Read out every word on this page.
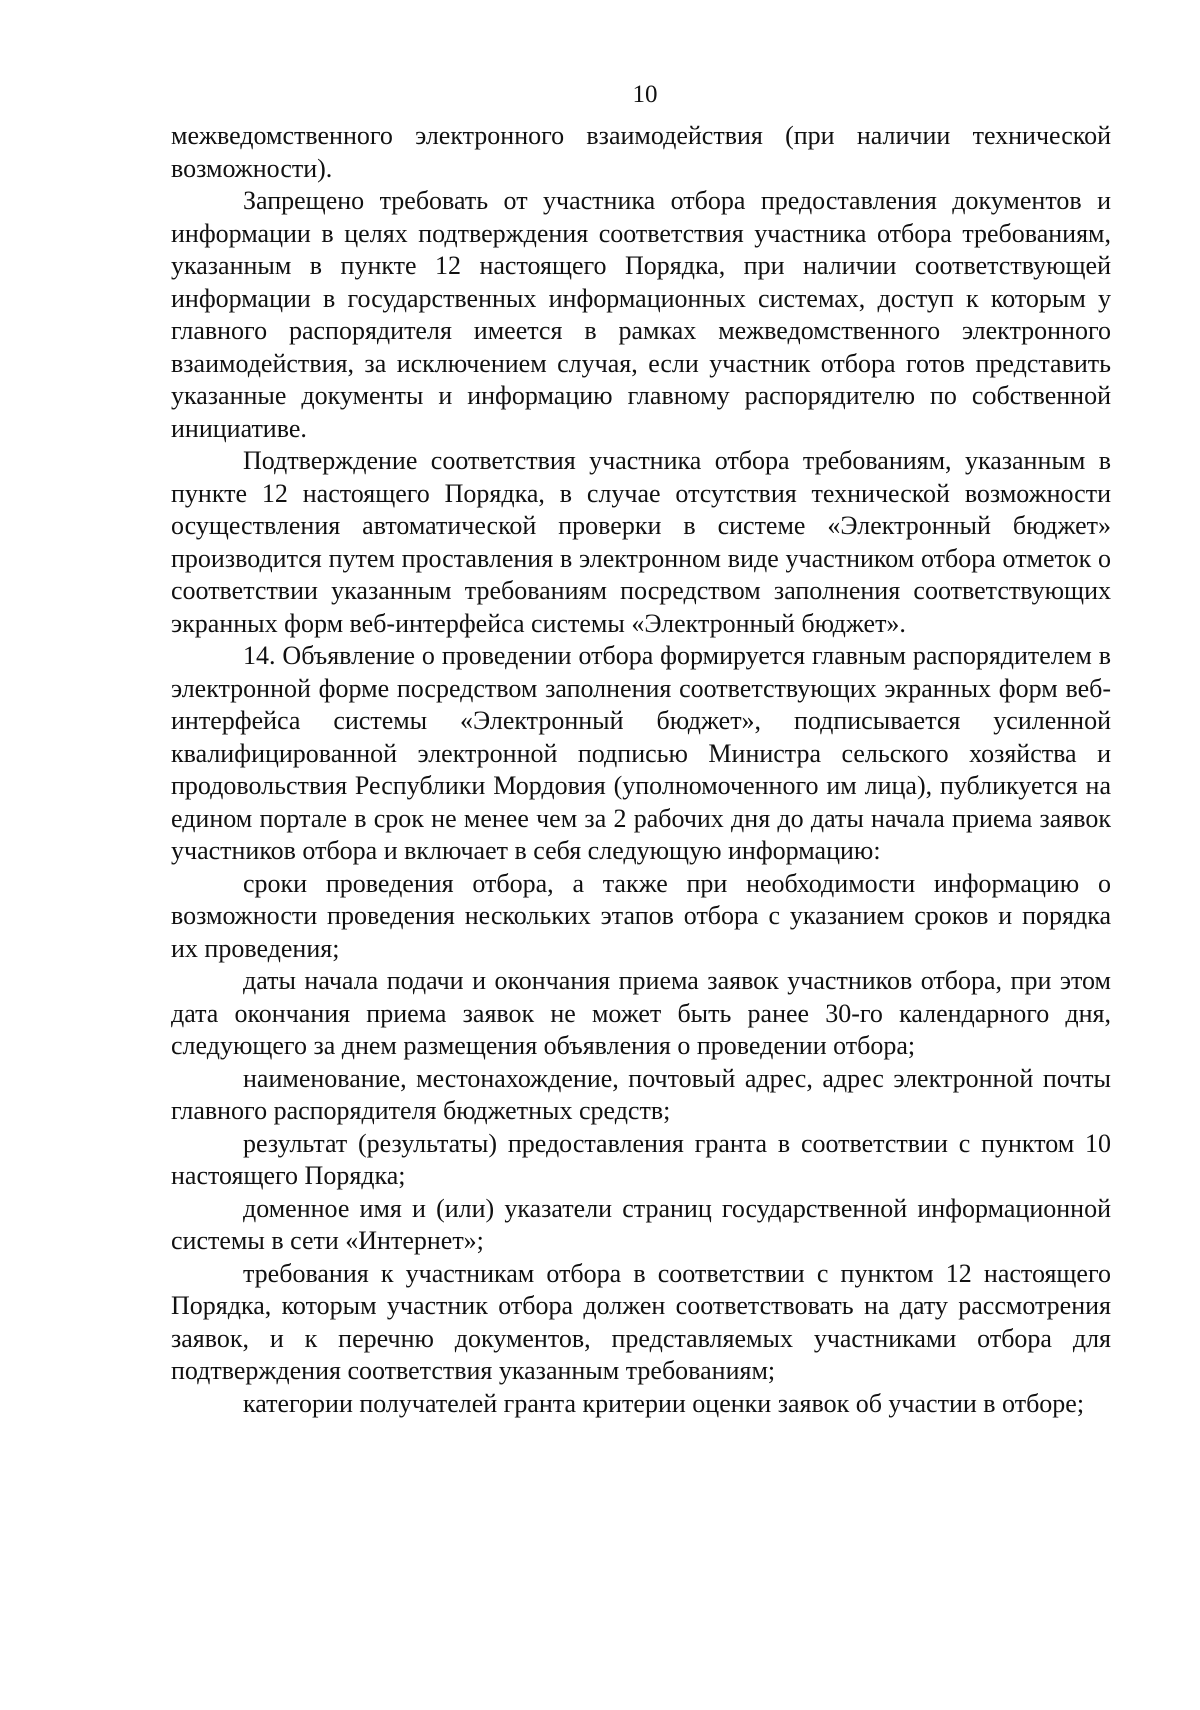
10

межведомственного электронного взаимодействия (при наличии технической возможности).

Запрещено требовать от участника отбора предоставления документов и информации в целях подтверждения соответствия участника отбора требованиям, указанным в пункте 12 настоящего Порядка, при наличии соответствующей информации в государственных информационных системах, доступ к которым у главного распорядителя имеется в рамках межведомственного электронного взаимодействия, за исключением случая, если участник отбора готов представить указанные документы и информацию главному распорядителю по собственной инициативе.

Подтверждение соответствия участника отбора требованиям, указанным в пункте 12 настоящего Порядка, в случае отсутствия технической возможности осуществления автоматической проверки в системе «Электронный бюджет» производится путем проставления в электронном виде участником отбора отметок о соответствии указанным требованиям посредством заполнения соответствующих экранных форм веб-интерфейса системы «Электронный бюджет».

14. Объявление о проведении отбора формируется главным распорядителем в электронной форме посредством заполнения соответствующих экранных форм веб-интерфейса системы «Электронный бюджет», подписывается усиленной квалифицированной электронной подписью Министра сельского хозяйства и продовольствия Республики Мордовия (уполномоченного им лица), публикуется на едином портале в срок не менее чем за 2 рабочих дня до даты начала приема заявок участников отбора и включает в себя следующую информацию:

сроки проведения отбора, а также при необходимости информацию о возможности проведения нескольких этапов отбора с указанием сроков и порядка их проведения;

даты начала подачи и окончания приема заявок участников отбора, при этом дата окончания приема заявок не может быть ранее 30-го календарного дня, следующего за днем размещения объявления о проведении отбора;

наименование, местонахождение, почтовый адрес, адрес электронной почты главного распорядителя бюджетных средств;

результат (результаты) предоставления гранта в соответствии с пунктом 10 настоящего Порядка;

доменное имя и (или) указатели страниц государственной информационной системы в сети «Интернет»;

требования к участникам отбора в соответствии с пунктом 12 настоящего Порядка, которым участник отбора должен соответствовать на дату рассмотрения заявок, и к перечню документов, представляемых участниками отбора для подтверждения соответствия указанным требованиям;

категории получателей гранта критерии оценки заявок об участии в отборе;
